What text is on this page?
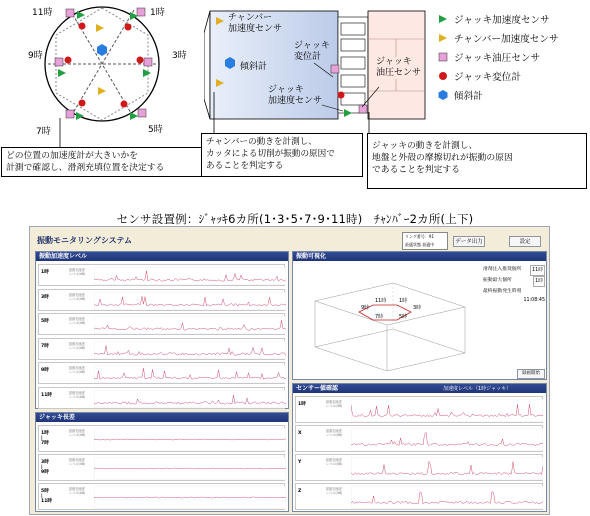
11時	1時
9時	3時
7時	5時
チャンバー
加速度センサ
傾斜計
ジャッキ
変位計	ジャッキ
油圧センサ
ジャッキ
加速度センサ
ジャッキ加速度センサ
チャンバー加速度センサ
ジャッキ油圧センサ
ジャッキ変位計
傾斜計
どの位置の加速度計が大きいかを
計測で確認し、滑剤充填位置を決定する
チャンバーの動きを計測し、
カッタによる切削が振動の原因で
あることを判定する
ジャッキの動きを計測し、
地盤と外殻の摩擦切れが振動の原因
であることを判定する
センサ設置例：ｼﾞｬｯｷ6カ所(1･3･5･7･9･11時)　ﾁｬﾝﾊﾞｰ2カ所(上下)
振動モニタリングシステム	リング番号：91
最適状態 最適中	データ出力	設定
振動加速度レベル
1時	振動加速度
レベル(dB)
3時	振動加速度
レベル(dB)
5時	振動加速度
レベル(dB)
7時	振動加速度
レベル(dB)
9時	振動加速度
レベル(dB)
11時	振動加速度
レベル(dB)
ジャッキ長差
1時
|
7時
振動加速度
レベル(dB)
3時
|
9時
振動加速度
レベル(dB)
5時
|
11時
振動加速度
レベル(dB)
振動可視化
1時
3時
5時
7時
9時
11時
滑剤注入推奨個所	11時
振動最大個所	1時
最終振動発生時刻
11:08:45
録画開始
センサー値確認	加速度レベル（1時ジャッキ）
1時	振動加速度
レベル(dB)
X	振動加速度
レベル(dB)
Y	振動加速度
レベル(dB)
Z	振動加速度
レベル(dB)
